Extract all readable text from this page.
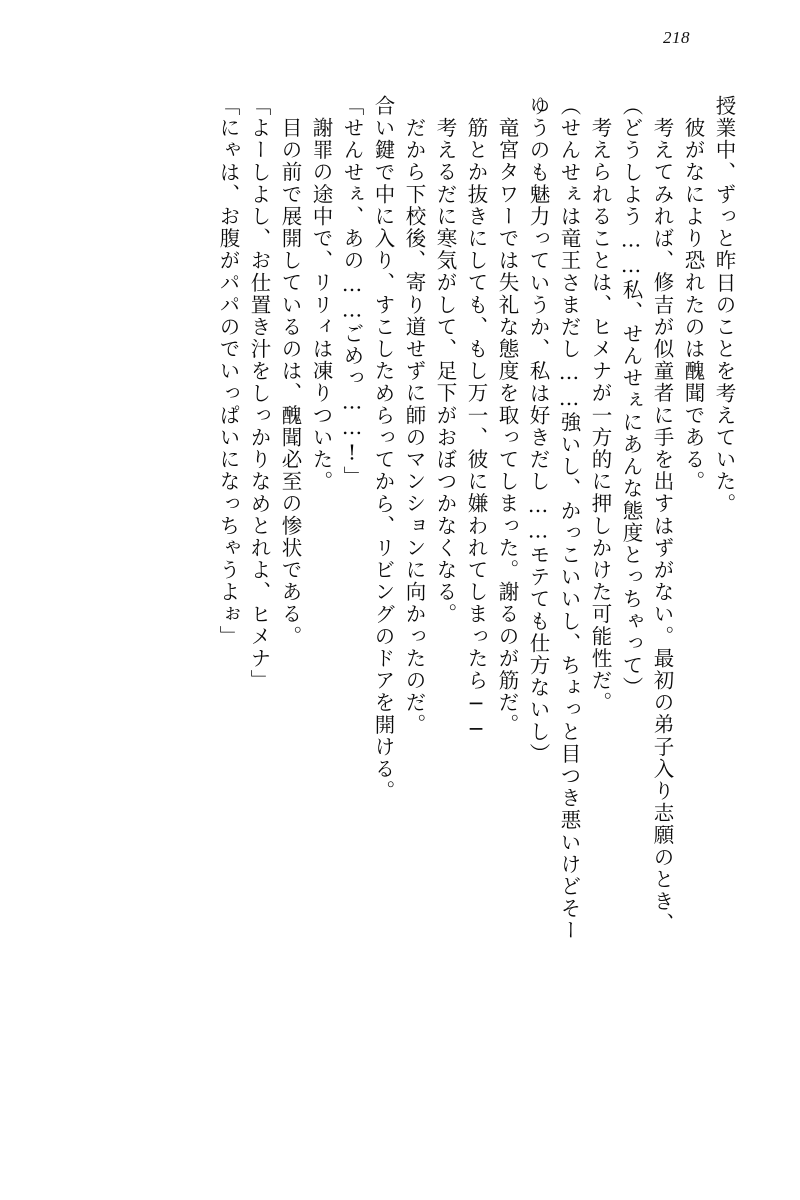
218
授業中、ずっと昨日のことを考えていた。
彼がなにより恐れたのは醜聞である。
考えてみれば、修吉が似童者に手を出すはずがない。最初の弟子入り志願のとき、
（どうしよう……私、せんせぇにあんな態度とっちゃって）
考えられることは、ヒメナが一方的に押しかけた可能性だ。
（せんせぇは竜王さまだし……強いし、かっこいいし、ちょっと目つき悪いけどそー
ゆうのも魅力っていうか、私は好きだし……モテても仕方ないし）
竜宮タワーでは失礼な態度を取ってしまった。謝るのが筋だ。
筋とか抜きにしても、もし万一、彼に嫌われてしまったら──
考えるだに寒気がして、足下がおぼつかなくなる。
だから下校後、寄り道せずに師のマンションに向かったのだ。
合い鍵で中に入り、すこしためらってから、リビングのドアを開ける。
「せんせぇ、あの……ごめっ……!」
謝罪の途中で、リリィは凍りついた。
目の前で展開しているのは、醜聞必至の惨状である。
「よーしよし、お仕置き汁をしっかりなめとれよ、ヒメナ」
「にゃは、お腹がパパのでいっぱいになっちゃうよぉ」
